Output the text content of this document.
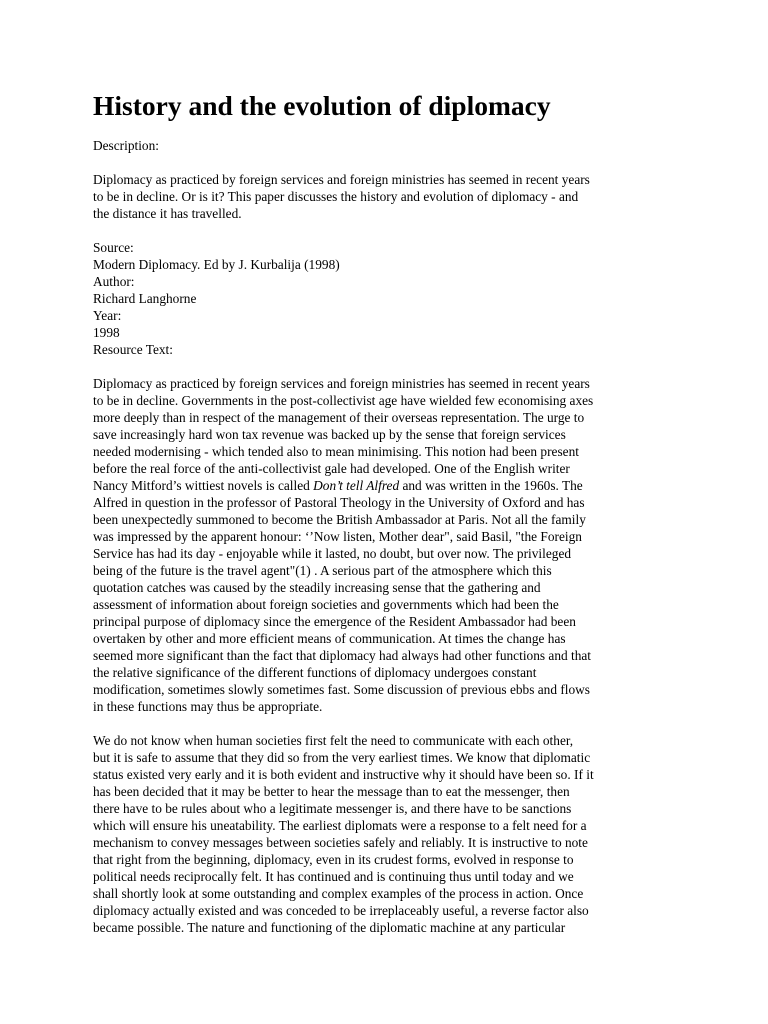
History and the evolution of diplomacy
Description:
Diplomacy as practiced by foreign services and foreign ministries has seemed in recent years
to be in decline. Or is it? This paper discusses the history and evolution of diplomacy - and
the distance it has travelled.
Source:
Modern Diplomacy. Ed by J. Kurbalija (1998)
Author:
Richard Langhorne
Year:
1998
Resource Text:
Diplomacy as practiced by foreign services and foreign ministries has seemed in recent years
to be in decline. Governments in the post-collectivist age have wielded few economising axes
more deeply than in respect of the management of their overseas representation. The urge to
save increasingly hard won tax revenue was backed up by the sense that foreign services
needed modernising - which tended also to mean minimising. This notion had been present
before the real force of the anti-collectivist gale had developed. One of the English writer
Nancy Mitford’s wittiest novels is called Don’t tell Alfred and was written in the 1960s. The
Alfred in question in the professor of Pastoral Theology in the University of Oxford and has
been unexpectedly summoned to become the British Ambassador at Paris. Not all the family
was impressed by the apparent honour: ‘’Now listen, Mother dear", said Basil, "the Foreign
Service has had its day - enjoyable while it lasted, no doubt, but over now. The privileged
being of the future is the travel agent"(1) . A serious part of the atmosphere which this
quotation catches was caused by the steadily increasing sense that the gathering and
assessment of information about foreign societies and governments which had been the
principal purpose of diplomacy since the emergence of the Resident Ambassador had been
overtaken by other and more efficient means of communication. At times the change has
seemed more significant than the fact that diplomacy had always had other functions and that
the relative significance of the different functions of diplomacy undergoes constant
modification, sometimes slowly sometimes fast. Some discussion of previous ebbs and flows
in these functions may thus be appropriate.
We do not know when human societies first felt the need to communicate with each other,
but it is safe to assume that they did so from the very earliest times. We know that diplomatic
status existed very early and it is both evident and instructive why it should have been so. If it
has been decided that it may be better to hear the message than to eat the messenger, then
there have to be rules about who a legitimate messenger is, and there have to be sanctions
which will ensure his uneatability. The earliest diplomats were a response to a felt need for a
mechanism to convey messages between societies safely and reliably. It is instructive to note
that right from the beginning, diplomacy, even in its crudest forms, evolved in response to
political needs reciprocally felt. It has continued and is continuing thus until today and we
shall shortly look at some outstanding and complex examples of the process in action. Once
diplomacy actually existed and was conceded to be irreplaceably useful, a reverse factor also
became possible. The nature and functioning of the diplomatic machine at any particular
